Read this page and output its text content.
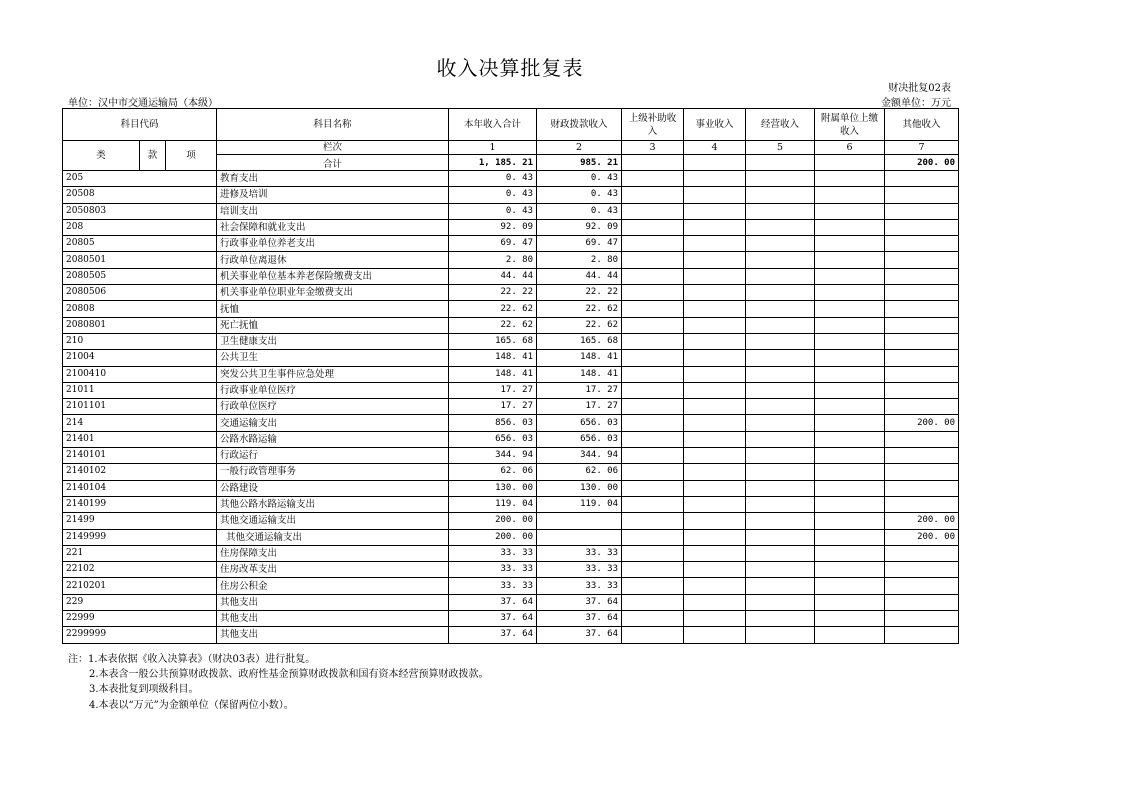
收入决算批复表
财决批复02表
单位：汉中市交通运输局（本级）	金额单位：万元
科目代码			科目名称	本年收入合计	财政拨款收入	上级补助收入	事业收入	经营收入	附属单位上缴收入	其他收入
类	款	项	栏次	1	2	3	4	5	6	7
			合计	1, 185. 21	985. 21					200. 00
205			教育支出	0. 43	0. 43					
20508			进修及培训	0. 43	0. 43					
2050803			培训支出	0. 43	0. 43					
208			社会保障和就业支出	92. 09	92. 09					
20805			行政事业单位养老支出	69. 47	69. 47					
2080501			行政单位离退休	2. 80	2. 80					
2080505			机关事业单位基本养老保险缴费支出	44. 44	44. 44					
2080506			机关事业单位职业年金缴费支出	22. 22	22. 22					
20808			抚恤	22. 62	22. 62					
2080801			死亡抚恤	22. 62	22. 62					
210			卫生健康支出	165. 68	165. 68					
21004			公共卫生	148. 41	148. 41					
2100410			突发公共卫生事件应急处理	148. 41	148. 41					
21011			行政事业单位医疗	17. 27	17. 27					
2101101			行政单位医疗	17. 27	17. 27					
214			交通运输支出	856. 03	656. 03					200. 00
21401			公路水路运输	656. 03	656. 03					
2140101			行政运行	344. 94	344. 94					
2140102			一般行政管理事务	62. 06	62. 06					
2140104			公路建设	130. 00	130. 00					
2140199			其他公路水路运输支出	119. 04	119. 04					
21499			其他交通运输支出	200. 00						200. 00
2149999			其他交通运输支出	200. 00						200. 00
221			住房保障支出	33. 33	33. 33					
22102			住房改革支出	33. 33	33. 33					
2210201			住房公积金	33. 33	33. 33					
229			其他支出	37. 64	37. 64					
22999			其他支出	37. 64	37. 64					
2299999			其他支出	37. 64	37. 64					
注：1.本表依据《收入决算表》（财决03表）进行批复。
2.本表含一般公共预算财政拨款、政府性基金预算财政拨款和国有资本经营预算财政拨款。
3.本表批复到项级科目。
4.本表以“万元”为金额单位（保留两位小数）。
